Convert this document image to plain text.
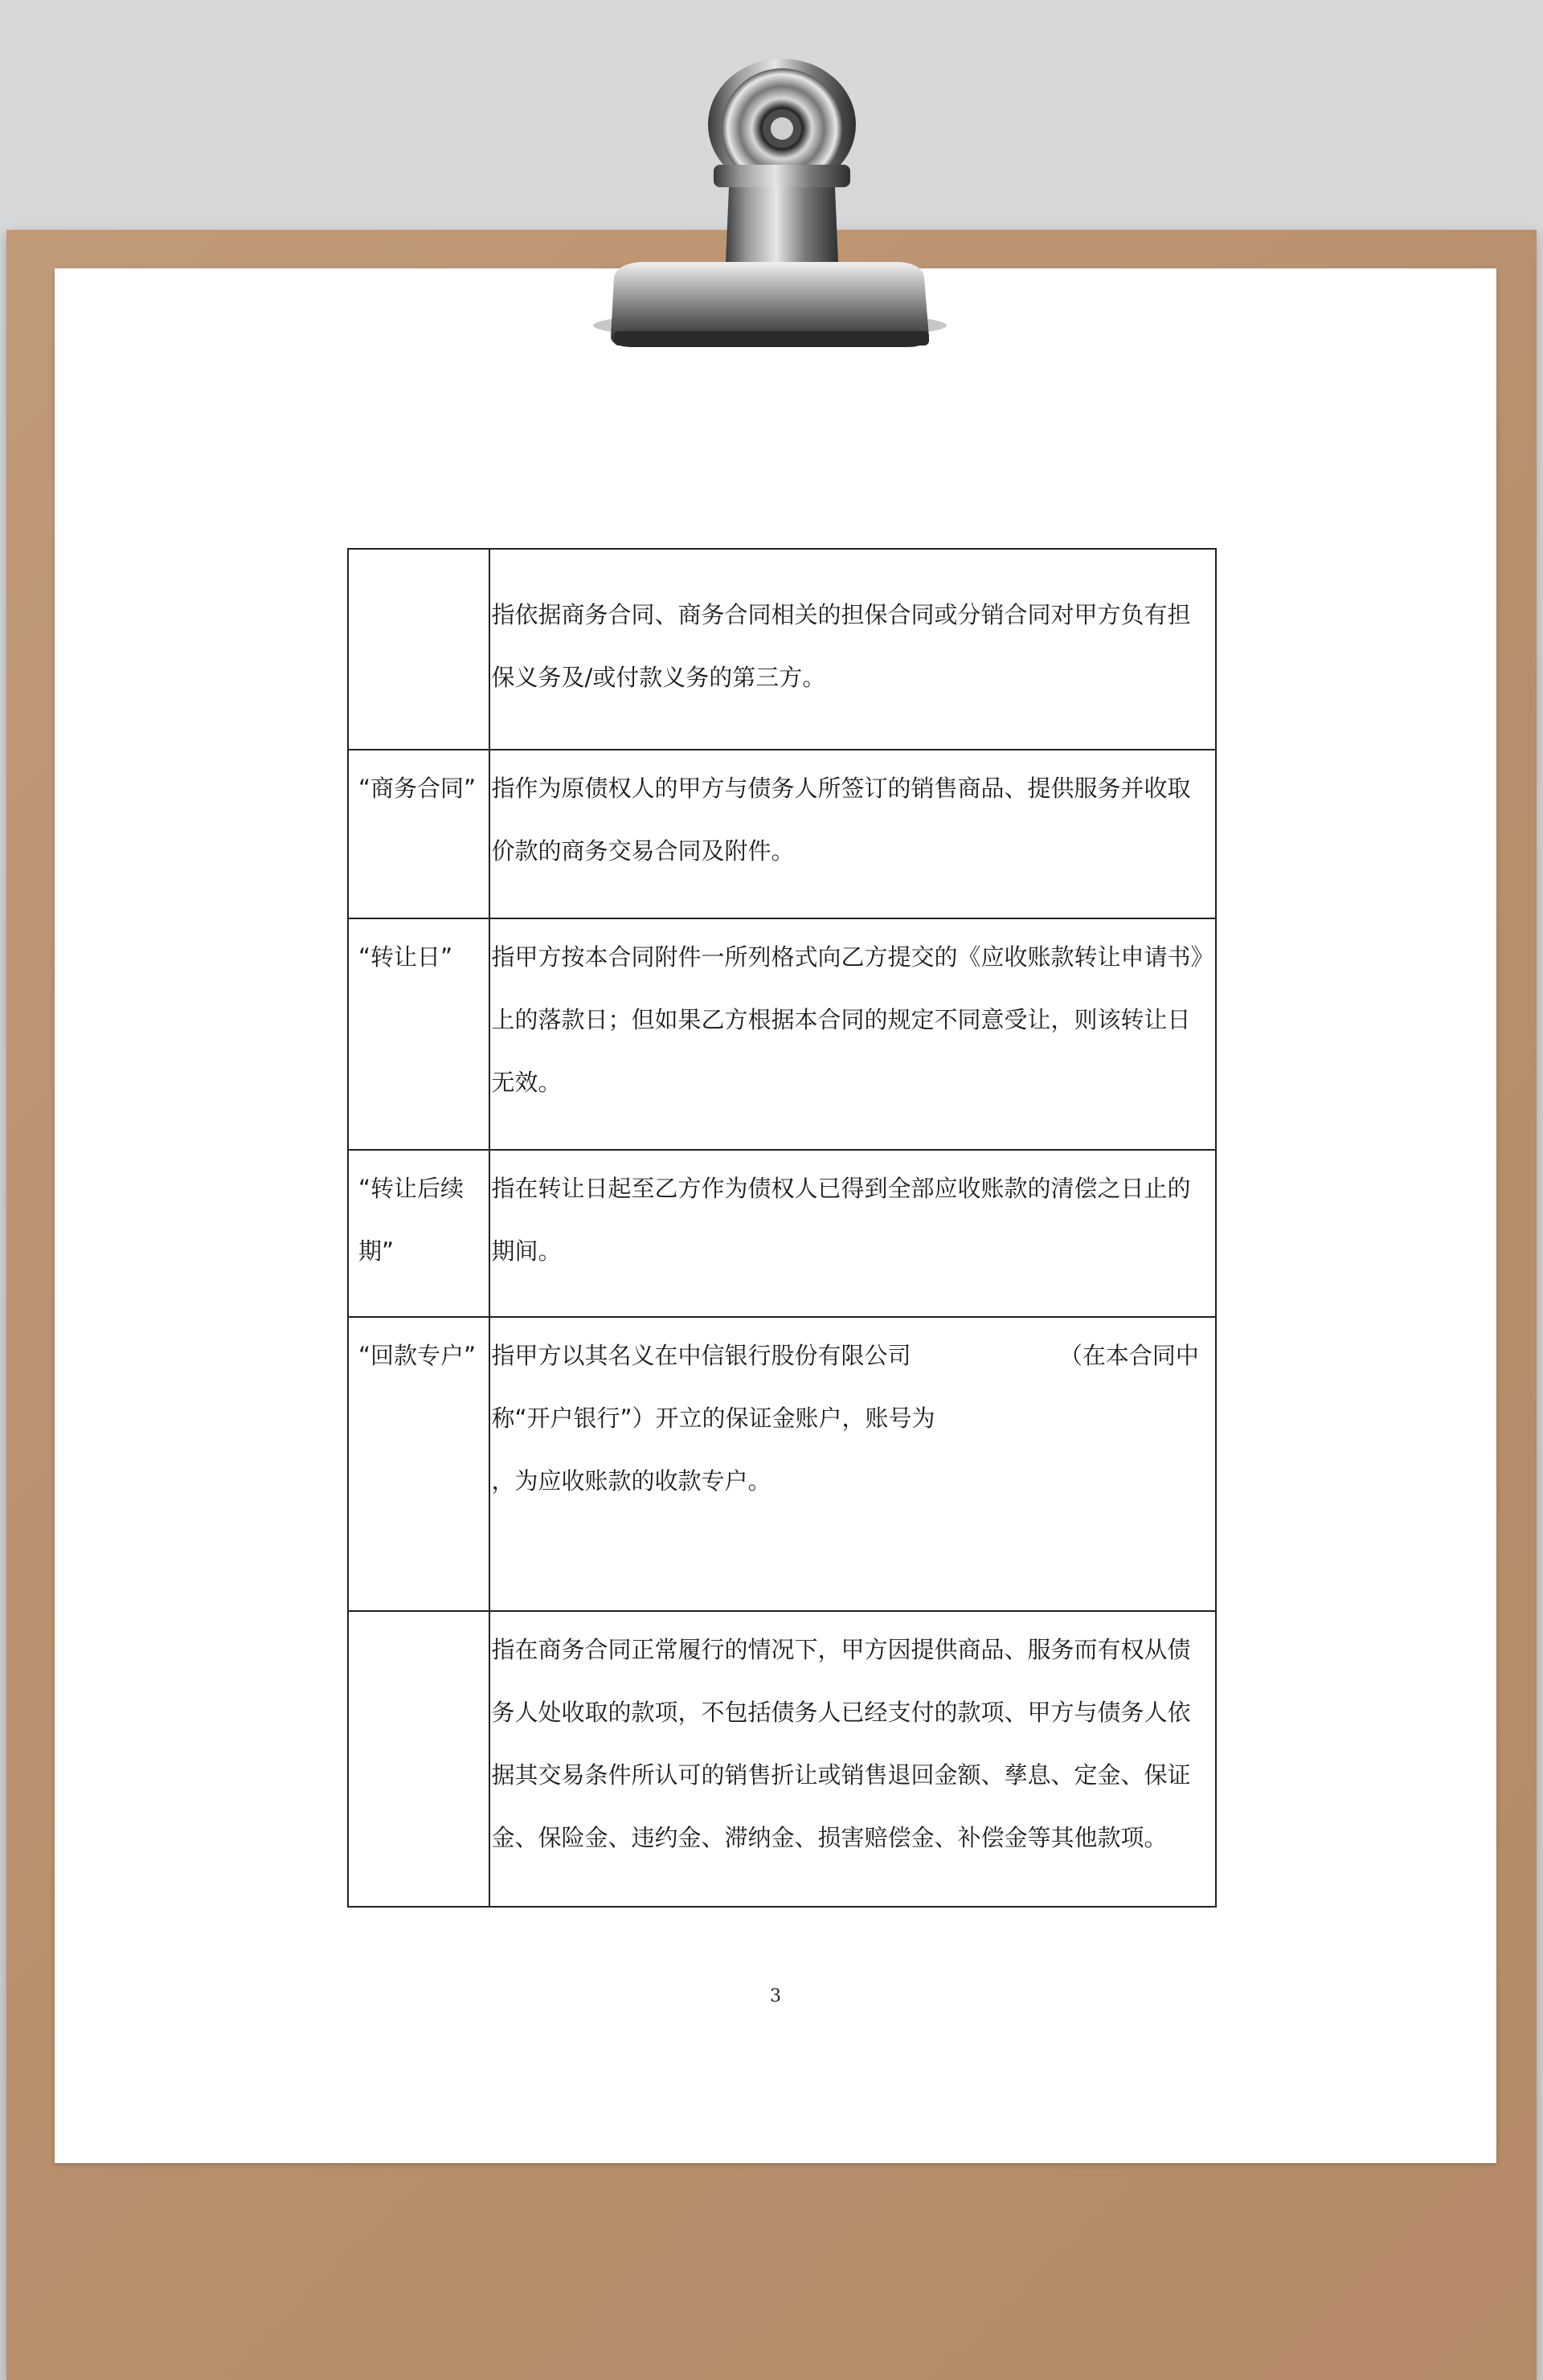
	指依据商务合同、商务合同相关的担保合同或分销合同对甲方负有担保义务及/或付款义务的第三方。

“商务合同”	指作为原债权人的甲方与债务人所签订的销售商品、提供服务并收取价款的商务交易合同及附件。

“转让日”	指甲方按本合同附件一所列格式向乙方提交的《应收账款转让申请书》上的落款日；但如果乙方根据本合同的规定不同意受让，则该转让日无效。

“转让后续期”	指在转让日起至乙方作为债权人已得到全部应收账款的清偿之日止的期间。

“回款专户”	指甲方以其名义在中信银行股份有限公司                    （在本合同中称“开户银行”）开立的保证金账户，账号为                                        ，为应收账款的收款专户。

	指在商务合同正常履行的情况下，甲方因提供商品、服务而有权从债务人处收取的款项，不包括债务人已经支付的款项、甲方与债务人依据其交易条件所认可的销售折让或销售退回金额、孳息、定金、保证金、保险金、违约金、滞纳金、损害赔偿金、补偿金等其他款项。
3
